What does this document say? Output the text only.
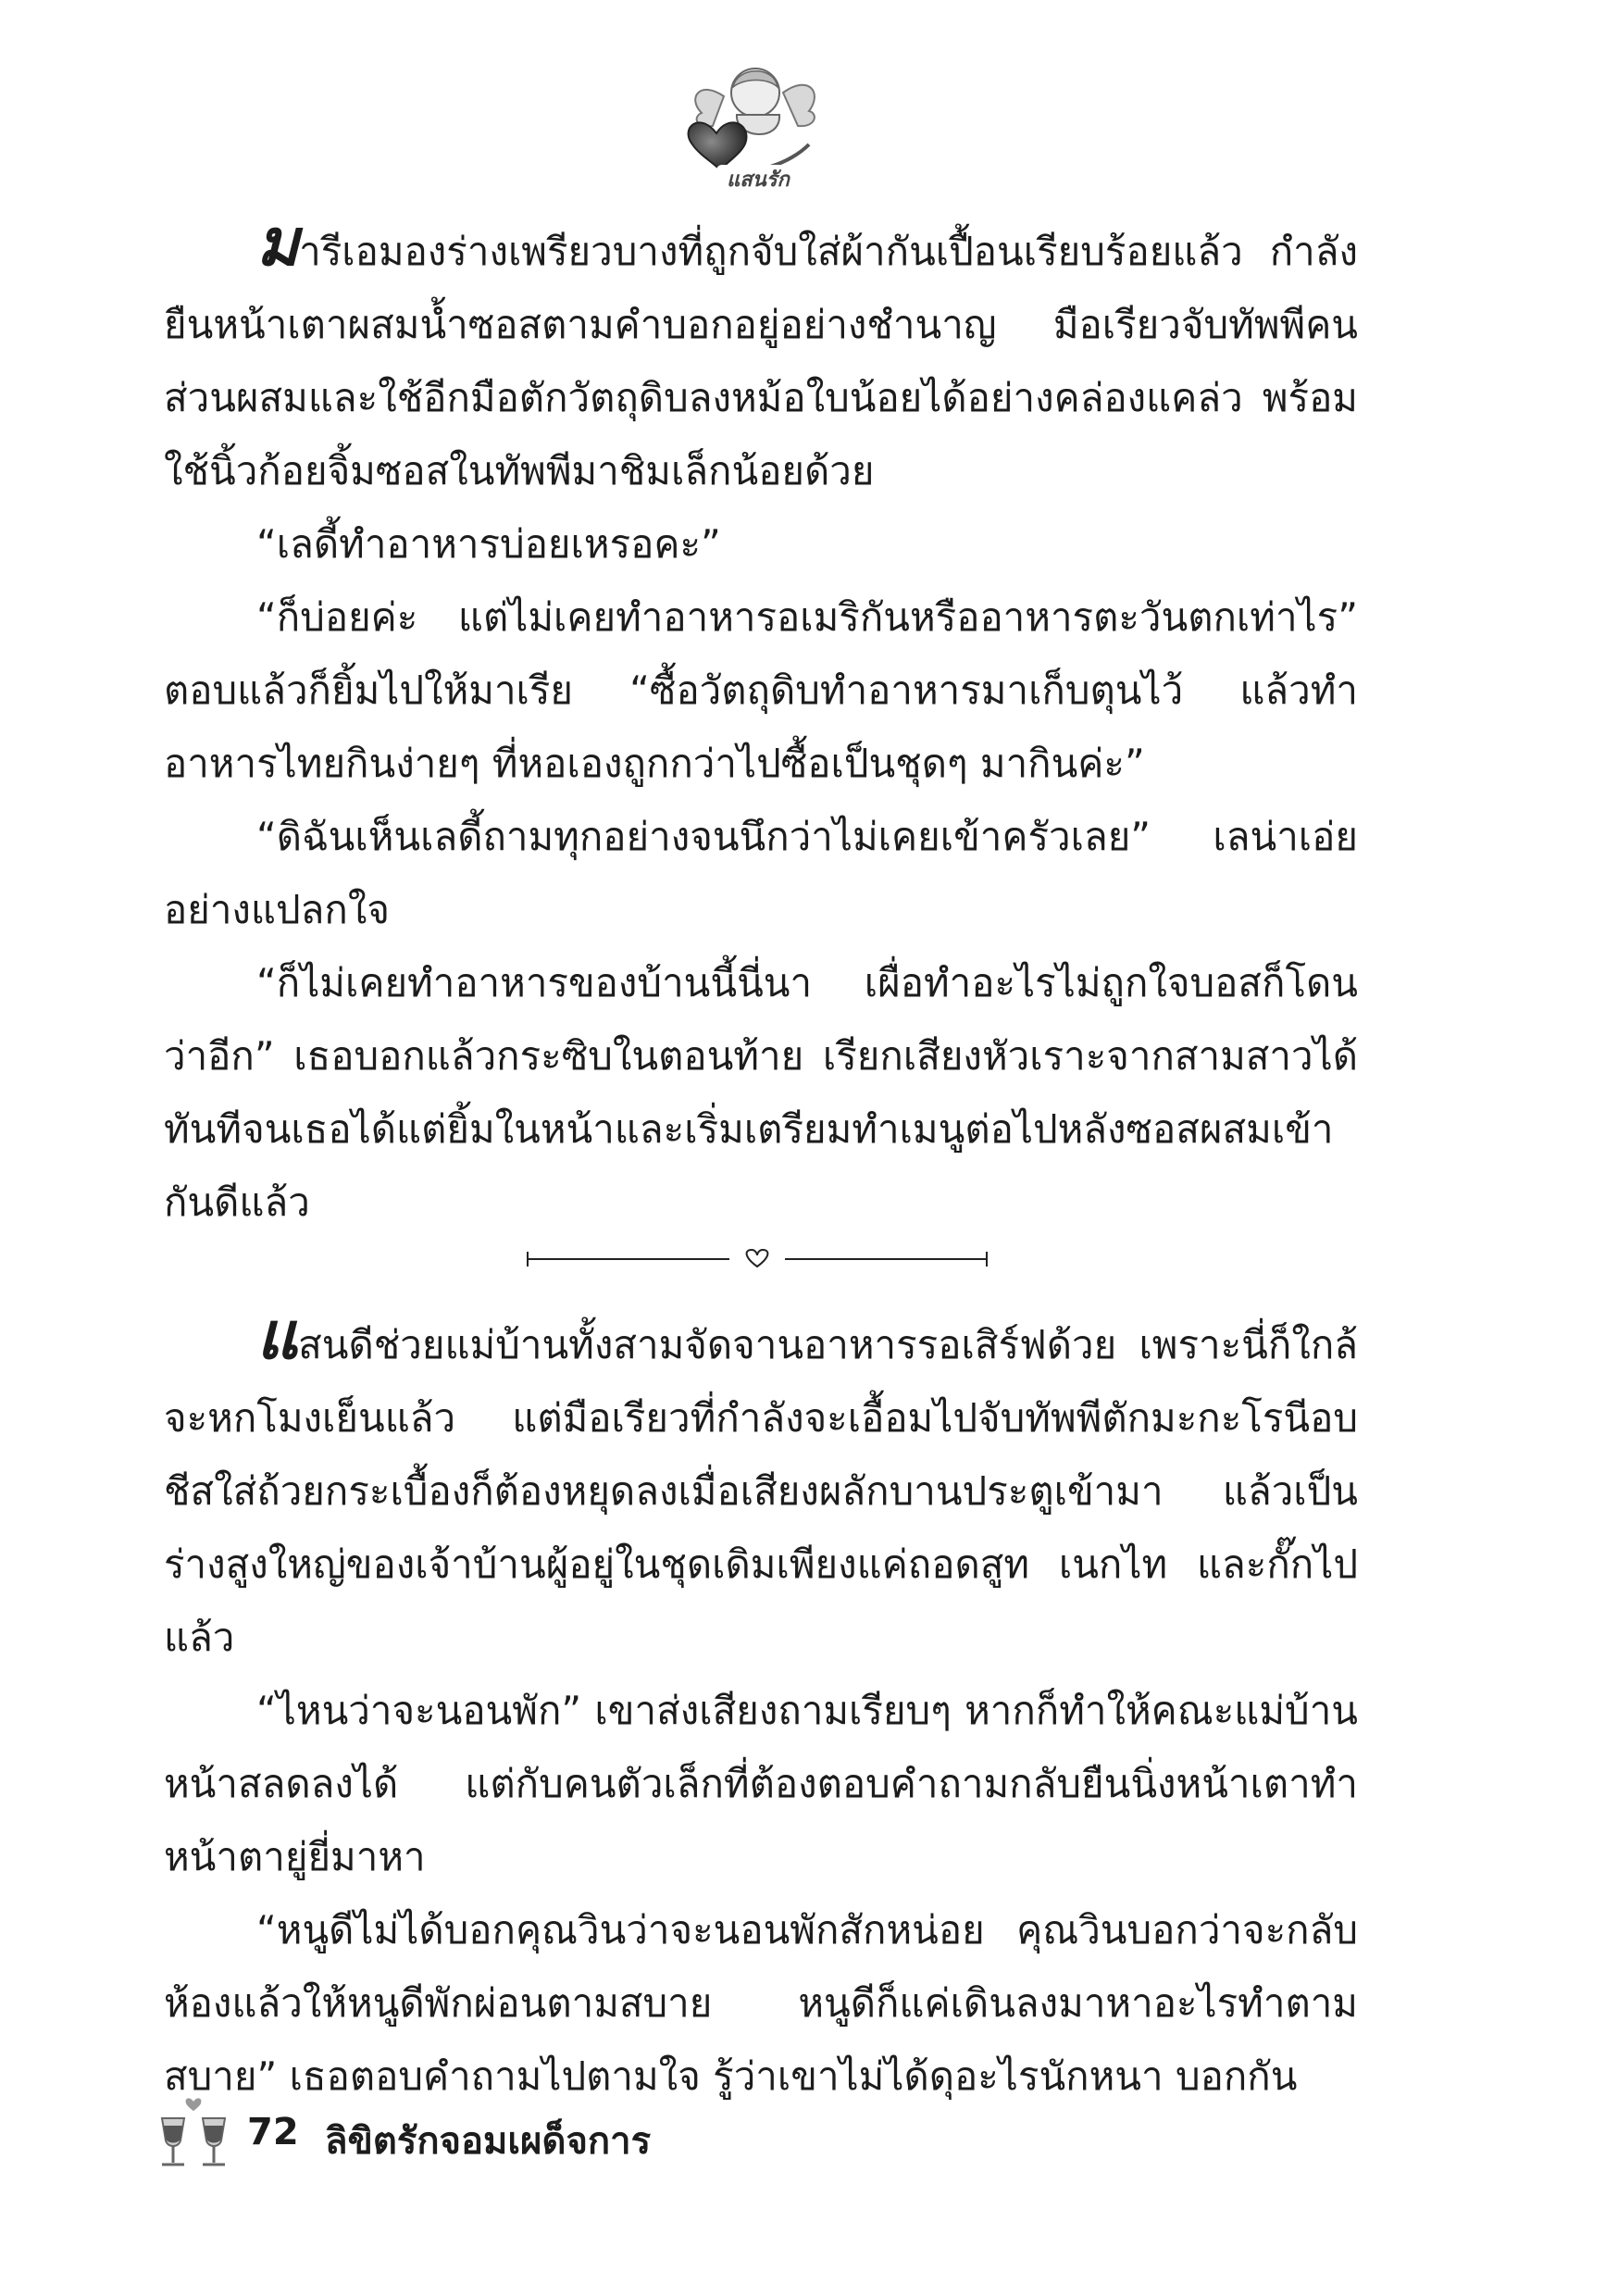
แสนรัก

มารีเอมองร่างเพรียวบางที่ถูกจับใส่ผ้ากันเปื้อนเรียบร้อยแล้ว กำลังยืนหน้าเตาผสมน้ำซอสตามคำบอกอยู่อย่างชำนาญ มือเรียวจับทัพพีคนส่วนผสมและใช้อีกมือตักวัตถุดิบลงหม้อใบน้อยได้อย่างคล่องแคล่ว พร้อมใช้นิ้วก้อยจิ้มซอสในทัพพีมาชิมเล็กน้อยด้วย

“เลดี้ทำอาหารบ่อยเหรอคะ”

“ก็บ่อยค่ะ แต่ไม่เคยทำอาหารอเมริกันหรืออาหารตะวันตกเท่าไร” ตอบแล้วก็ยิ้มไปให้มาเรีย “ซื้อวัตถุดิบทำอาหารมาเก็บตุนไว้ แล้วทำอาหารไทยกินง่ายๆ ที่หอเองถูกกว่าไปซื้อเป็นชุดๆ มากินค่ะ”

“ดิฉันเห็นเลดี้ถามทุกอย่างจนนึกว่าไม่เคยเข้าครัวเลย” เลน่าเอ่ยอย่างแปลกใจ

“ก็ไม่เคยทำอาหารของบ้านนี้นี่นา เผื่อทำอะไรไม่ถูกใจบอสก็โดนว่าอีก” เธอบอกแล้วกระซิบในตอนท้าย เรียกเสียงหัวเราะจากสามสาวได้ทันทีจนเธอได้แต่ยิ้มในหน้าและเริ่มเตรียมทำเมนูต่อไปหลังซอสผสมเข้ากันดีแล้ว

แสนดีช่วยแม่บ้านทั้งสามจัดจานอาหารรอเสิร์ฟด้วย เพราะนี่ก็ใกล้จะหกโมงเย็นแล้ว แต่มือเรียวที่กำลังจะเอื้อมไปจับทัพพีตักมะกะโรนีอบชีสใส่ถ้วยกระเบื้องก็ต้องหยุดลงเมื่อเสียงผลักบานประตูเข้ามา แล้วเป็นร่างสูงใหญ่ของเจ้าบ้านผู้อยู่ในชุดเดิมเพียงแค่ถอดสูท เนกไท และกั๊กไปแล้ว

“ไหนว่าจะนอนพัก” เขาส่งเสียงถามเรียบๆ หากก็ทำให้คณะแม่บ้านหน้าสลดลงได้ แต่กับคนตัวเล็กที่ต้องตอบคำถามกลับยืนนิ่งหน้าเตาทำหน้าตายู่ยี่มาหา

“หนูดีไม่ได้บอกคุณวินว่าจะนอนพักสักหน่อย คุณวินบอกว่าจะกลับห้องแล้วให้หนูดีพักผ่อนตามสบาย หนูดีก็แค่เดินลงมาหาอะไรทำตามสบาย” เธอตอบคำถามไปตามใจ รู้ว่าเขาไม่ได้ดุอะไรนักหนา บอกกัน

72 ลิขิตรักจอมเผด็จการ
